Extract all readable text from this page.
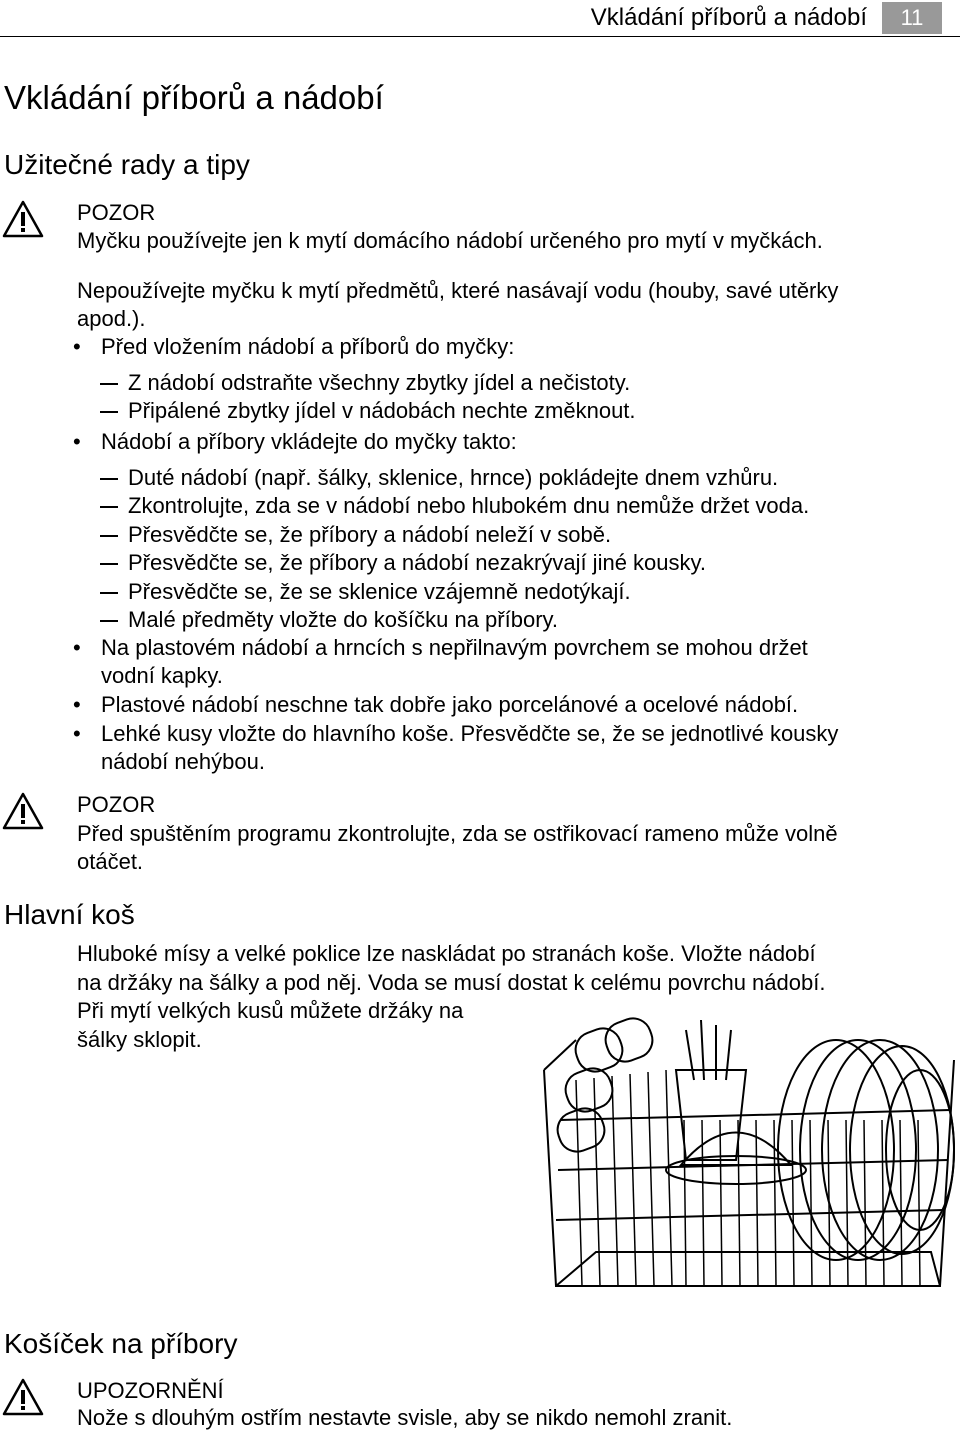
Vkládání příborů a nádobí	11
Vkládání příborů a nádobí
Užitečné rady a tipy
POZOR
Myčku používejte jen k mytí domácího nádobí určeného pro mytí v myčkách.
Nepoužívejte myčku k mytí předmětů, které nasávají vodu (houby, savé utěrky
apod.).
• Před vložením nádobí a příborů do myčky:
Z nádobí odstraňte všechny zbytky jídel a nečistoty.
Připálené zbytky jídel v nádobách nechte změknout.
• Nádobí a příbory vkládejte do myčky takto:
Duté nádobí (např. šálky, sklenice, hrnce) pokládejte dnem vzhůru.
Zkontrolujte, zda se v nádobí nebo hlubokém dnu nemůže držet voda.
Přesvědčte se, že příbory a nádobí neleží v sobě.
Přesvědčte se, že příbory a nádobí nezakrývají jiné kousky.
Přesvědčte se, že se sklenice vzájemně nedotýkají.
Malé předměty vložte do košíčku na příbory.
• Na plastovém nádobí a hrncích s nepřilnavým povrchem se mohou držet
vodní kapky.
• Plastové nádobí neschne tak dobře jako porcelánové a ocelové nádobí.
• Lehké kusy vložte do hlavního koše. Přesvědčte se, že se jednotlivé kousky
nádobí nehýbou.
POZOR
Před spuštěním programu zkontrolujte, zda se ostřikovací rameno může volně
otáčet.
Hlavní koš
Hluboké mísy a velké poklice lze naskládat po stranách koše. Vložte nádobí
na držáky na šálky a pod něj. Voda se musí dostat k celému povrchu nádobí.
Při mytí velkých kusů můžete držáky na
šálky sklopit.
Košíček na příbory
UPOZORNĚNÍ
Nože s dlouhým ostřím nestavte svisle, aby se nikdo nemohl zranit.
